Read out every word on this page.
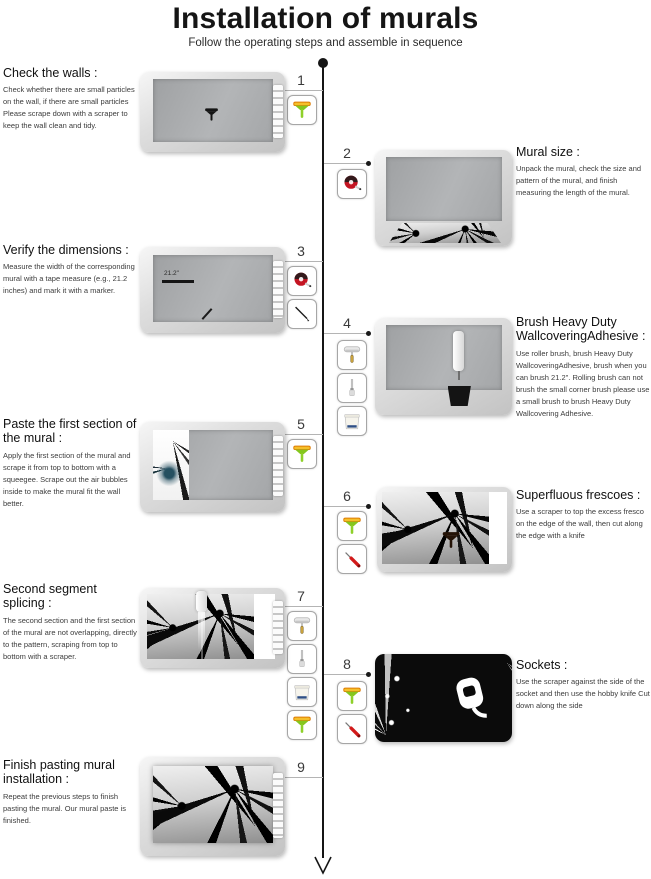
Installation of murals
Follow the operating steps and assemble in sequence
1
2
3
4
5
6
7
8
9
Check the walls :

Check whether there are small particles on the wall, if there are small particles Please scrape down with a scraper to keep the wall clean and tidy.

Verify the dimensions :

Measure the width of the corresponding mural with a tape measure (e.g., 21.2 inches) and mark it with a marker.

Paste the first section of the mural :

Apply the first section of the mural and scrape it from top to bottom with a squeegee. Scrape out the air bubbles inside to make the mural fit the wall better.

Second segment splicing :

The second section and the first section of the mural are not overlapping, directly to the pattern, scraping from top to bottom with a scraper.

Finish pasting mural installation :

Repeat the previous steps to finish pasting the mural. Our mural paste is finished.

Mural size :

Unpack the mural, check the size and pattern of the mural, and finish measuring the length of the mural.

Brush Heavy Duty WallcoveringAdhesive :

Use roller brush, brush Heavy Duty WallcoveringAdhesive, brush when you can brush 21.2". Rolling brush can not brush the small corner brush please use a small brush to brush Heavy Duty Wallcovering Adhesive.

Superfluous frescoes :

Use a scraper to top the excess fresco on the edge of the wall, then cut along the edge with a knife

Sockets :

Use the scraper against the side of the socket and then use the hobby knife Cut down along the side

21.2"
